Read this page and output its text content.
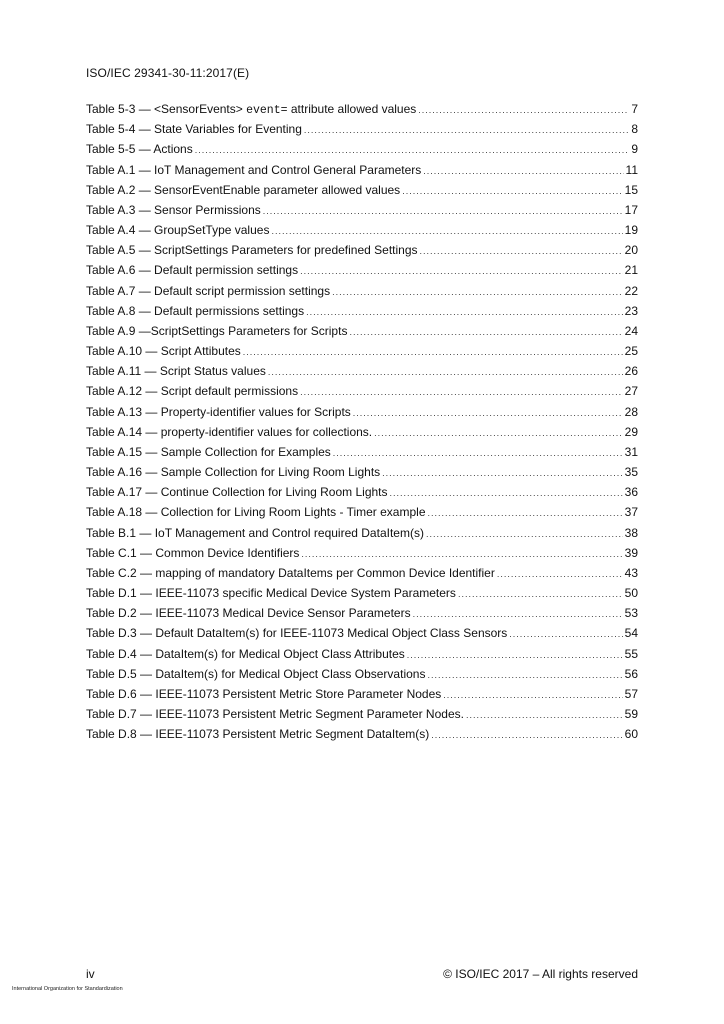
ISO/IEC 29341-30-11:2017(E)
Table 5-3 — <SensorEvents> event= attribute allowed values .....	7
Table 5-4 — State Variables for Eventing .....	8
Table 5-5 — Actions .....	9
Table A.1 — IoT Management and Control General Parameters .....	11
Table A.2 — SensorEventEnable parameter allowed values .....	15
Table A.3 — Sensor Permissions .....	17
Table A.4 — GroupSetType values .....	19
Table A.5 — ScriptSettings Parameters for predefined Settings .....	20
Table A.6 — Default permission settings .....	21
Table A.7 — Default script permission settings .....	22
Table A.8 — Default permissions settings .....	23
Table A.9 —ScriptSettings Parameters for Scripts .....	24
Table A.10 — Script Attibutes .....	25
Table A.11 — Script Status values .....	26
Table A.12 — Script default permissions .....	27
Table A.13 — Property-identifier values for Scripts .....	28
Table A.14 — property-identifier values for collections. .....	29
Table A.15 — Sample Collection for Examples .....	31
Table A.16 — Sample Collection for Living Room Lights .....	35
Table A.17 — Continue Collection for Living Room Lights .....	36
Table A.18 — Collection for Living Room Lights - Timer example .....	37
Table B.1 — IoT Management and Control required DataItem(s) .....	38
Table C.1 — Common Device Identifiers .....	39
Table C.2 — mapping of mandatory DataItems per Common Device Identifier .....	43
Table D.1 — IEEE-11073 specific Medical Device System Parameters .....	50
Table D.2 — IEEE-11073 Medical Device Sensor Parameters .....	53
Table D.3 — Default DataItem(s) for IEEE-11073 Medical Object Class Sensors .....	54
Table D.4 — DataItem(s) for Medical Object Class Attributes .....	55
Table D.5 — DataItem(s) for Medical Object Class Observations .....	56
Table D.6 — IEEE-11073 Persistent Metric Store Parameter Nodes .....	57
Table D.7 — IEEE-11073 Persistent Metric Segment Parameter Nodes. .....	59
Table D.8 — IEEE-11073 Persistent Metric Segment DataItem(s) .....	60
iv	© ISO/IEC 2017 – All rights reserved
International Organization for Standardization
